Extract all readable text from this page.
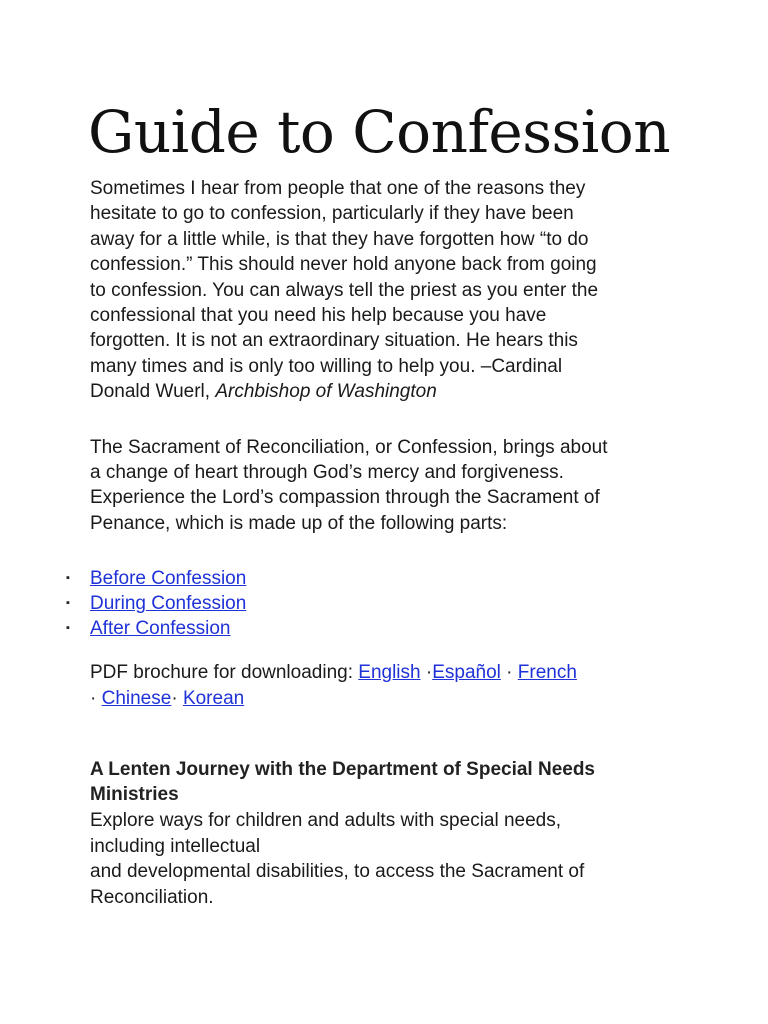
Guide to Confession

Sometimes I hear from people that one of the reasons they
hesitate to go to confession, particularly if they have been
away for a little while, is that they have forgotten how “to do
confession.” This should never hold anyone back from going
to confession. You can always tell the priest as you enter the
confessional that you need his help because you have
forgotten. It is not an extraordinary situation. He hears this
many times and is only too willing to help you. –Cardinal
Donald Wuerl, Archbishop of Washington

The Sacrament of Reconciliation, or Confession, brings about
a change of heart through God’s mercy and forgiveness.
Experience the Lord’s compassion through the Sacrament of
Penance, which is made up of the following parts:

▪ Before Confession
▪ During Confession
▪ After Confession

PDF brochure for downloading: English ·Español · French
· Chinese· Korean

A Lenten Journey with the Department of Special Needs
Ministries

Explore ways for children and adults with special needs,
including intellectual
and developmental disabilities, to access the Sacrament of
Reconciliation.
